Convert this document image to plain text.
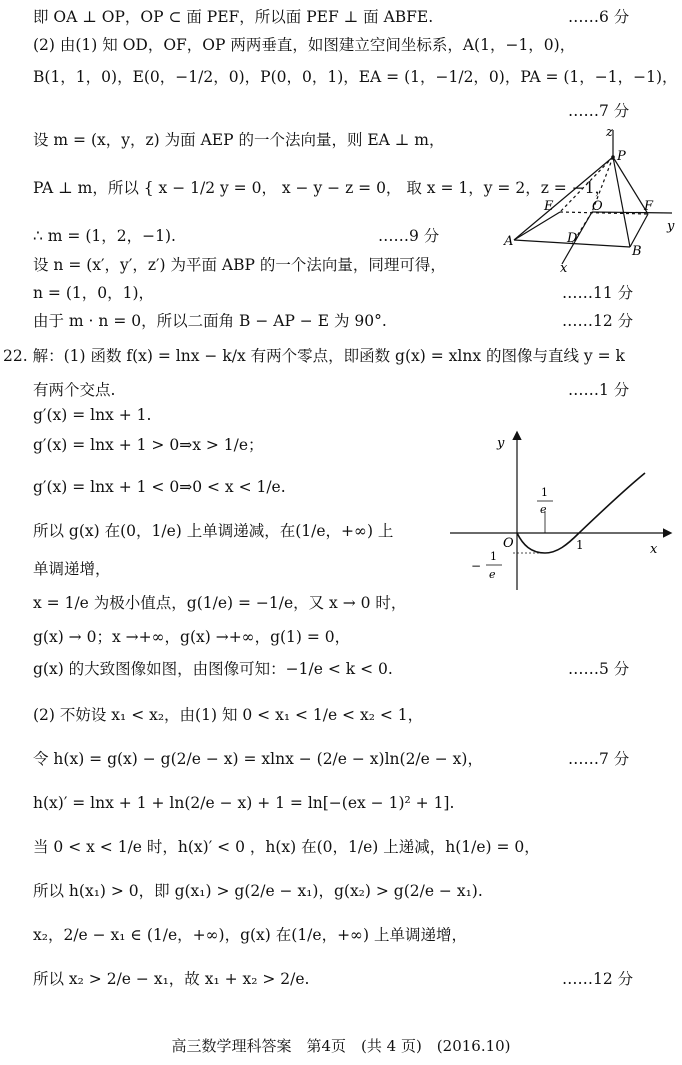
即 OA ⊥ OP，OP ⊂ 面 PEF，所以面 PEF ⊥ 面 ABFE.	……6 分
(2) 由(1) 知 OD，OF，OP 两两垂直，如图建立空间坐标系，A(1，−1，0)，
B(1，1，0)，E(0，−1/2，0)，P(0，0，1)，EA = (1，−1/2，0)，PA = (1，−1，−1)，
……7 分
设 m = (x，y，z) 为面 AEP 的一个法向量，则 EA ⊥ m，
PA ⊥ m，所以 { x − 1/2 y = 0， x − y − z = 0， 取 x = 1，y = 2，z = −1，
∴ m = (1，2，−1).	……9 分
设 n = (x′，y′，z′) 为平面 ABP 的一个法向量，同理可得，
n = (1，0，1)，	……11 分
由于 m · n = 0，所以二面角 B − AP − E 为 90°.	……12 分
z
P
E	O	F
y
A	D
B
x
22. 解：(1) 函数 f(x) = lnx − k/x 有两个零点，即函数 g(x) = xlnx 的图像与直线 y = k
有两个交点.	……1 分
g′(x) = lnx + 1.
g′(x) = lnx + 1 > 0⇒x > 1/e；
g′(x) = lnx + 1 < 0⇒0 < x < 1/e.
所以 g(x) 在(0，1/e) 上单调递减，在(1/e，+∞) 上
单调递增，
x = 1/e 为极小值点，g(1/e) = −1/e，又 x → 0 时，
g(x) → 0；x →+∞，g(x) →+∞，g(1) = 0，
g(x) 的大致图像如图，由图像可知：−1/e < k < 0.	……5 分
(2) 不妨设 x₁ < x₂，由(1) 知 0 < x₁ < 1/e < x₂ < 1，
令 h(x) = g(x) − g(2/e − x) = xlnx − (2/e − x)ln(2/e − x)，	……7 分
h(x)′ = lnx + 1 + ln(2/e − x) + 1 = ln[−(ex − 1)² + 1].
当 0 < x < 1/e 时，h(x)′ < 0 ，h(x) 在(0，1/e) 上递减，h(1/e) = 0，
所以 h(x₁) > 0，即 g(x₁) > g(2/e − x₁)，g(x₂) > g(2/e − x₁).
x₂，2/e − x₁ ∈ (1/e，+∞)，g(x) 在(1/e，+∞) 上单调递增，
所以 x₂ > 2/e − x₁，故 x₁ + x₂ > 2/e.	……12 分
y
x
O	1
1
e
−
1
e
高三数学理科答案　第4页　(共 4 页)　(2016.10)
